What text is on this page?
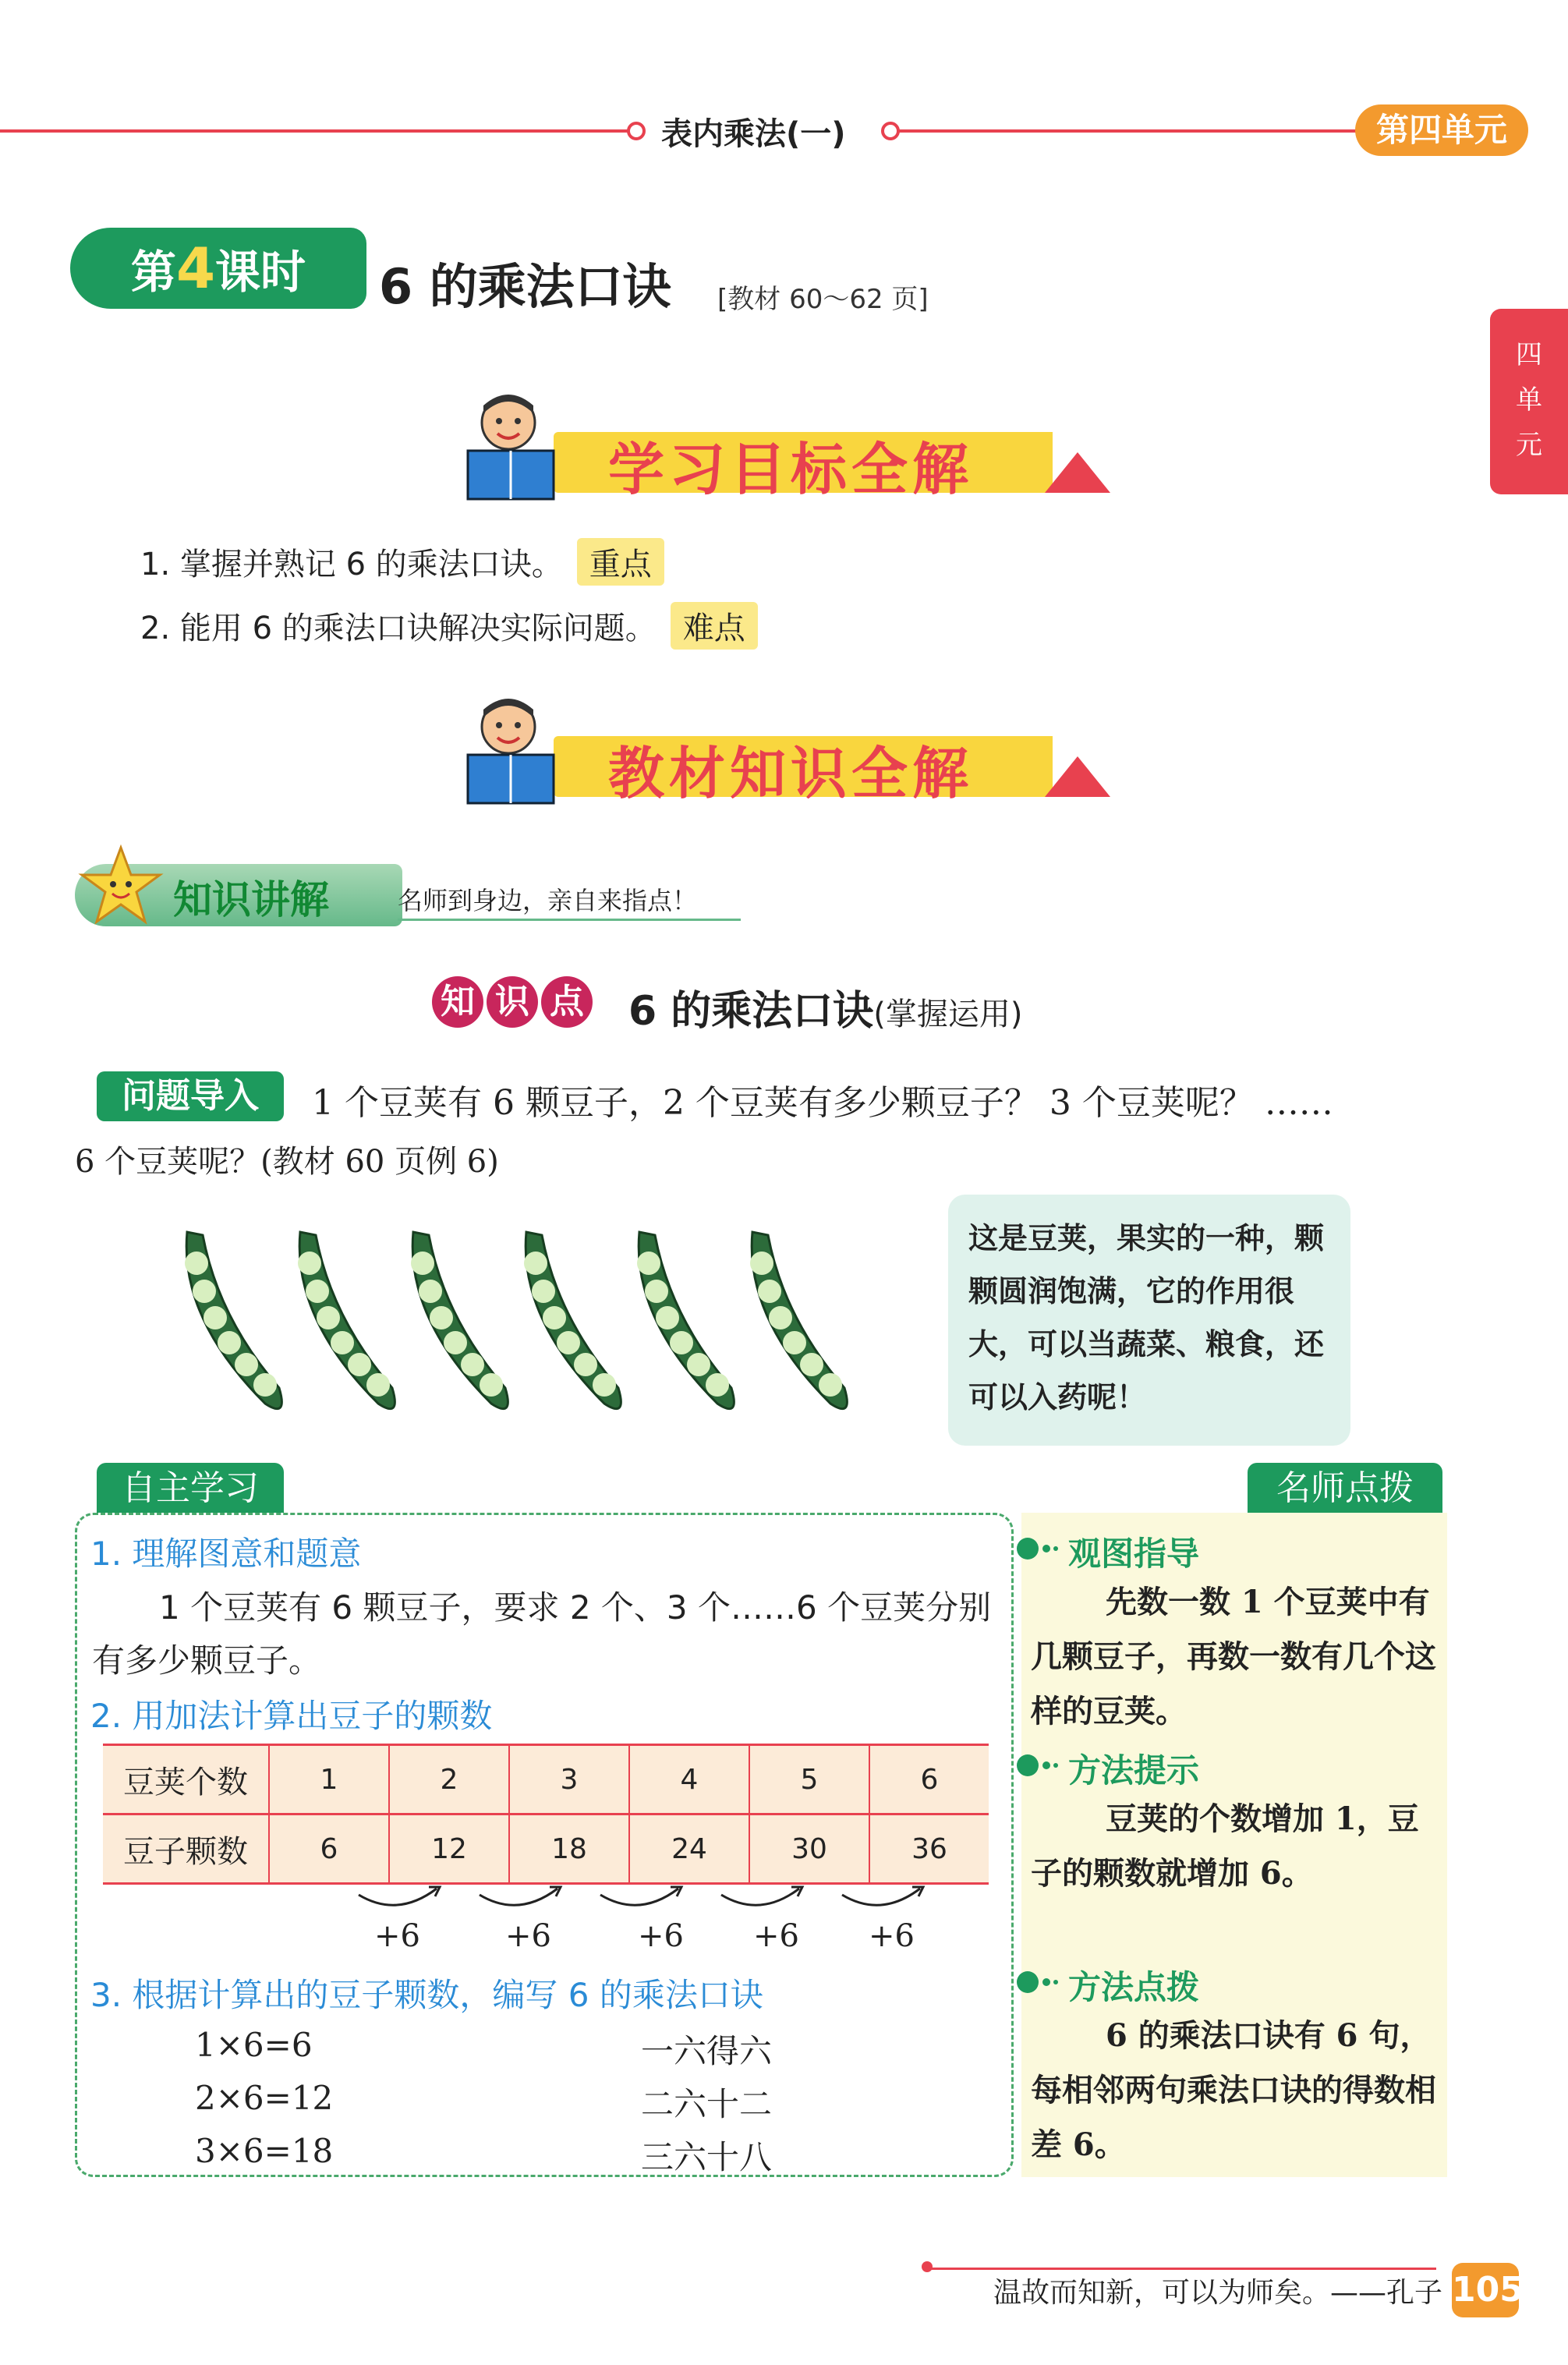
表内乘法(一)	第四单元
四
单
元
第4课时	6 的乘法口诀 [教材 60～62 页]
学习目标全解
1. 掌握并熟记 6 的乘法口诀。 重点
2. 能用 6 的乘法口诀解决实际问题。 难点
教材知识全解
知识讲解	名师到身边，亲自来指点！
知 识 点 6 的乘法口诀(掌握运用)
问题导入	1 个豆荚有 6 颗豆子，2 个豆荚有多少颗豆子？ 3 个豆荚呢？ ……
6 个豆荚呢？(教材 60 页例 6)
这是豆荚，果实的一种，颗颗圆润饱满，它的作用很大，可以当蔬菜、粮食，还可以入药呢！
自主学习	名师点拨
1. 理解图意和题意
1 个豆荚有 6 颗豆子，要求 2 个、3 个……6 个豆荚分别有多少颗豆子。
2. 用加法计算出豆子的颗数
豆荚个数	1	2	3	4	5	6
豆子颗数	6	12	18	24	30	36
+6	+6	+6 +6 +6
3. 根据计算出的豆子颗数，编写 6 的乘法口诀
1×6=6	一六得六
2×6=12	二六十二
3×6=18	三六十八
观图指导
先数一数 1 个豆荚中有几颗豆子，再数一数有几个这样的豆荚。
方法提示
豆荚的个数增加 1，豆子的颗数就增加 6。
方法点拨
6 的乘法口诀有 6 句，每相邻两句乘法口诀的得数相差 6。
温故而知新，可以为师矣。——孔子 105
